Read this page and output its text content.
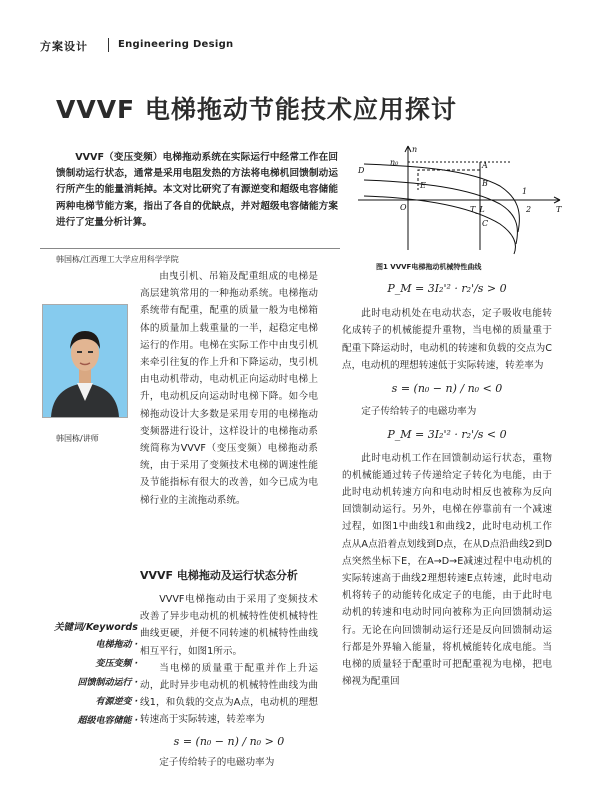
方案设计	Engineering Design
VVVF 电梯拖动节能技术应用探讨
VVVF（变压变频）电梯拖动系统在实际运行中经常工作在回馈制动运行状态，通常是采用电阻发热的方法将电梯机回馈制动运行所产生的能量消耗掉。本文对比研究了有源逆变和超级电容储能两种电梯节能方案，指出了各自的优缺点，并对超级电容储能方案进行了定量分析计算。
韩国栋/江西理工大学应用科学学院
韩国栋/讲师
关键词/Keywords
电梯拖动 ·
变压变频 ·
回馈制动运行 ·
有源逆变 ·
超级电容储能 ·
由曳引机、吊箱及配重组成的电梯是高层建筑常用的一种拖动系统。电梯拖动系统带有配重，配重的质量一般为电梯箱体的质量加上载重量的一半，起稳定电梯运行的作用。电梯在实际工作中由曳引机来牵引往复的作上升和下降运动，曳引机由电动机带动，电动机正向运动时电梯上升，电动机反向运动时电梯下降。如今电梯拖动设计大多数是采用专用的电梯拖动变频器进行设计，这样设计的电梯拖动系统简称为VVVF（变压变频）电梯拖动系统，由于采用了变频技术电梯的调速性能及节能指标有很大的改善，如今已成为电梯行业的主流拖动系统。
VVVF 电梯拖动及运行状态分析

VVVF电梯拖动由于采用了变频技术改善了异步电动机的机械特性使机械特性曲线更硬，并便不同转速的机械特性曲线相互平行，如图1所示。

当电梯的质量重于配重并作上升运动，此时异步电动机的机械特性曲线为曲线1，和负载的交点为A点，电动机的理想转速高于实际转速，转差率为

s = (n₀ − n) / n₀ > 0

定子传给转子的电磁功率为

n
n₀	A
D
B
E
C
T
T_L
1
2
O
图1 VVVF电梯拖动机械特性曲线
P_M = 3I₂'² · r₂'/s > 0

此时电动机处在电动状态，定子吸收电能转化成转子的机械能提升重物，当电梯的质量重于配重下降运动时，电动机的转速和负载的交点为C点，电动机的理想转速低于实际转速，转差率为

s = (n₀ − n) / n₀ < 0

定子传给转子的电磁功率为

P_M = 3I₂'² · r₂'/s < 0

此时电动机工作在回馈制动运行状态，重物的机械能通过转子传递给定子转化为电能，由于此时电动机转速方向和电动时相反也被称为反向回馈制动运行。另外，电梯在停靠前有一个减速过程，如图1中曲线1和曲线2，此时电动机工作点从A点沿着点划线到D点，在从D点沿曲线2到D点突然坐标下E，在A→D→E减速过程中电动机的实际转速高于曲线2理想转速E点转速，此时电动机将转子的动能转化成定子的电能，由于此时电动机的转速和电动时同向被称为正向回馈制动运行。无论在向回馈制动运行还是反向回馈制动运行都是外界输入能量，将机械能转化成电能。当电梯的质量轻于配重时可把配重视为电梯，把电梯视为配重回
